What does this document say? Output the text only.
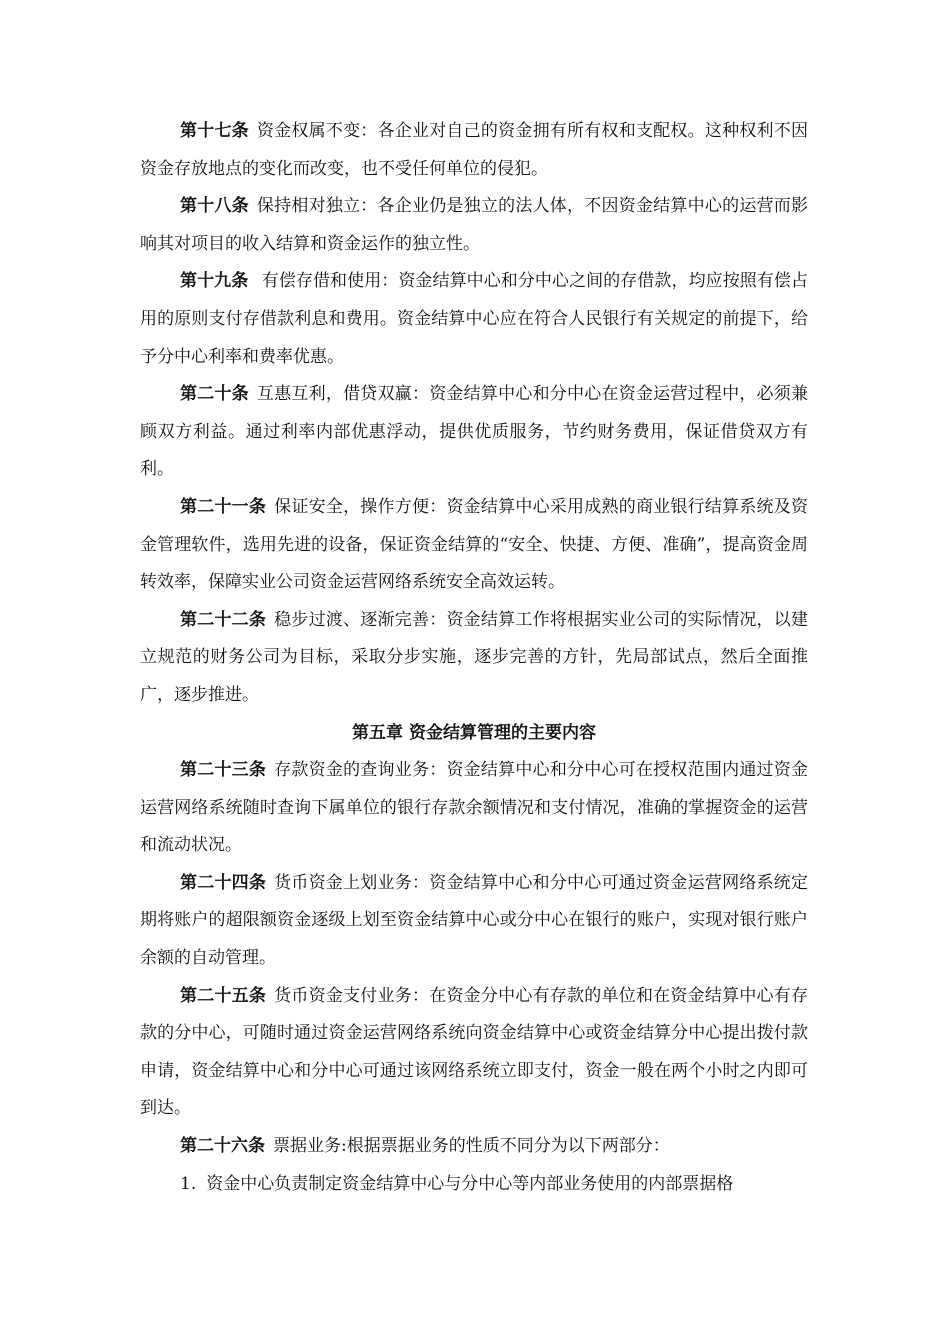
第十七条 资金权属不变：各企业对自己的资金拥有所有权和支配权。这种权利不因资金存放地点的变化而改变，也不受任何单位的侵犯。

第十八条 保持相对独立：各企业仍是独立的法人体，不因资金结算中心的运营而影响其对项目的收入结算和资金运作的独立性。

第十九条 有偿存借和使用：资金结算中心和分中心之间的存借款，均应按照有偿占用的原则支付存借款利息和费用。资金结算中心应在符合人民银行有关规定的前提下，给予分中心利率和费率优惠。

第二十条 互惠互利，借贷双赢：资金结算中心和分中心在资金运营过程中，必须兼顾双方利益。通过利率内部优惠浮动，提供优质服务，节约财务费用，保证借贷双方有利。

第二十一条 保证安全，操作方便：资金结算中心采用成熟的商业银行结算系统及资金管理软件，选用先进的设备，保证资金结算的“安全、快捷、方便、准确”，提高资金周转效率，保障实业公司资金运营网络系统安全高效运转。

第二十二条 稳步过渡、逐渐完善：资金结算工作将根据实业公司的实际情况，以建立规范的财务公司为目标，采取分步实施，逐步完善的方针，先局部试点，然后全面推广，逐步推进。

第五章 资金结算管理的主要内容

第二十三条 存款资金的查询业务：资金结算中心和分中心可在授权范围内通过资金运营网络系统随时查询下属单位的银行存款余额情况和支付情况，准确的掌握资金的运营和流动状况。

第二十四条 货币资金上划业务：资金结算中心和分中心可通过资金运营网络系统定期将账户的超限额资金逐级上划至资金结算中心或分中心在银行的账户，实现对银行账户余额的自动管理。

第二十五条 货币资金支付业务：在资金分中心有存款的单位和在资金结算中心有存款的分中心，可随时通过资金运营网络系统向资金结算中心或资金结算分中心提出拨付款申请，资金结算中心和分中心可通过该网络系统立即支付，资金一般在两个小时之内即可到达。

第二十六条 票据业务:根据票据业务的性质不同分为以下两部分：

1. 资金中心负责制定资金结算中心与分中心等内部业务使用的内部票据格
